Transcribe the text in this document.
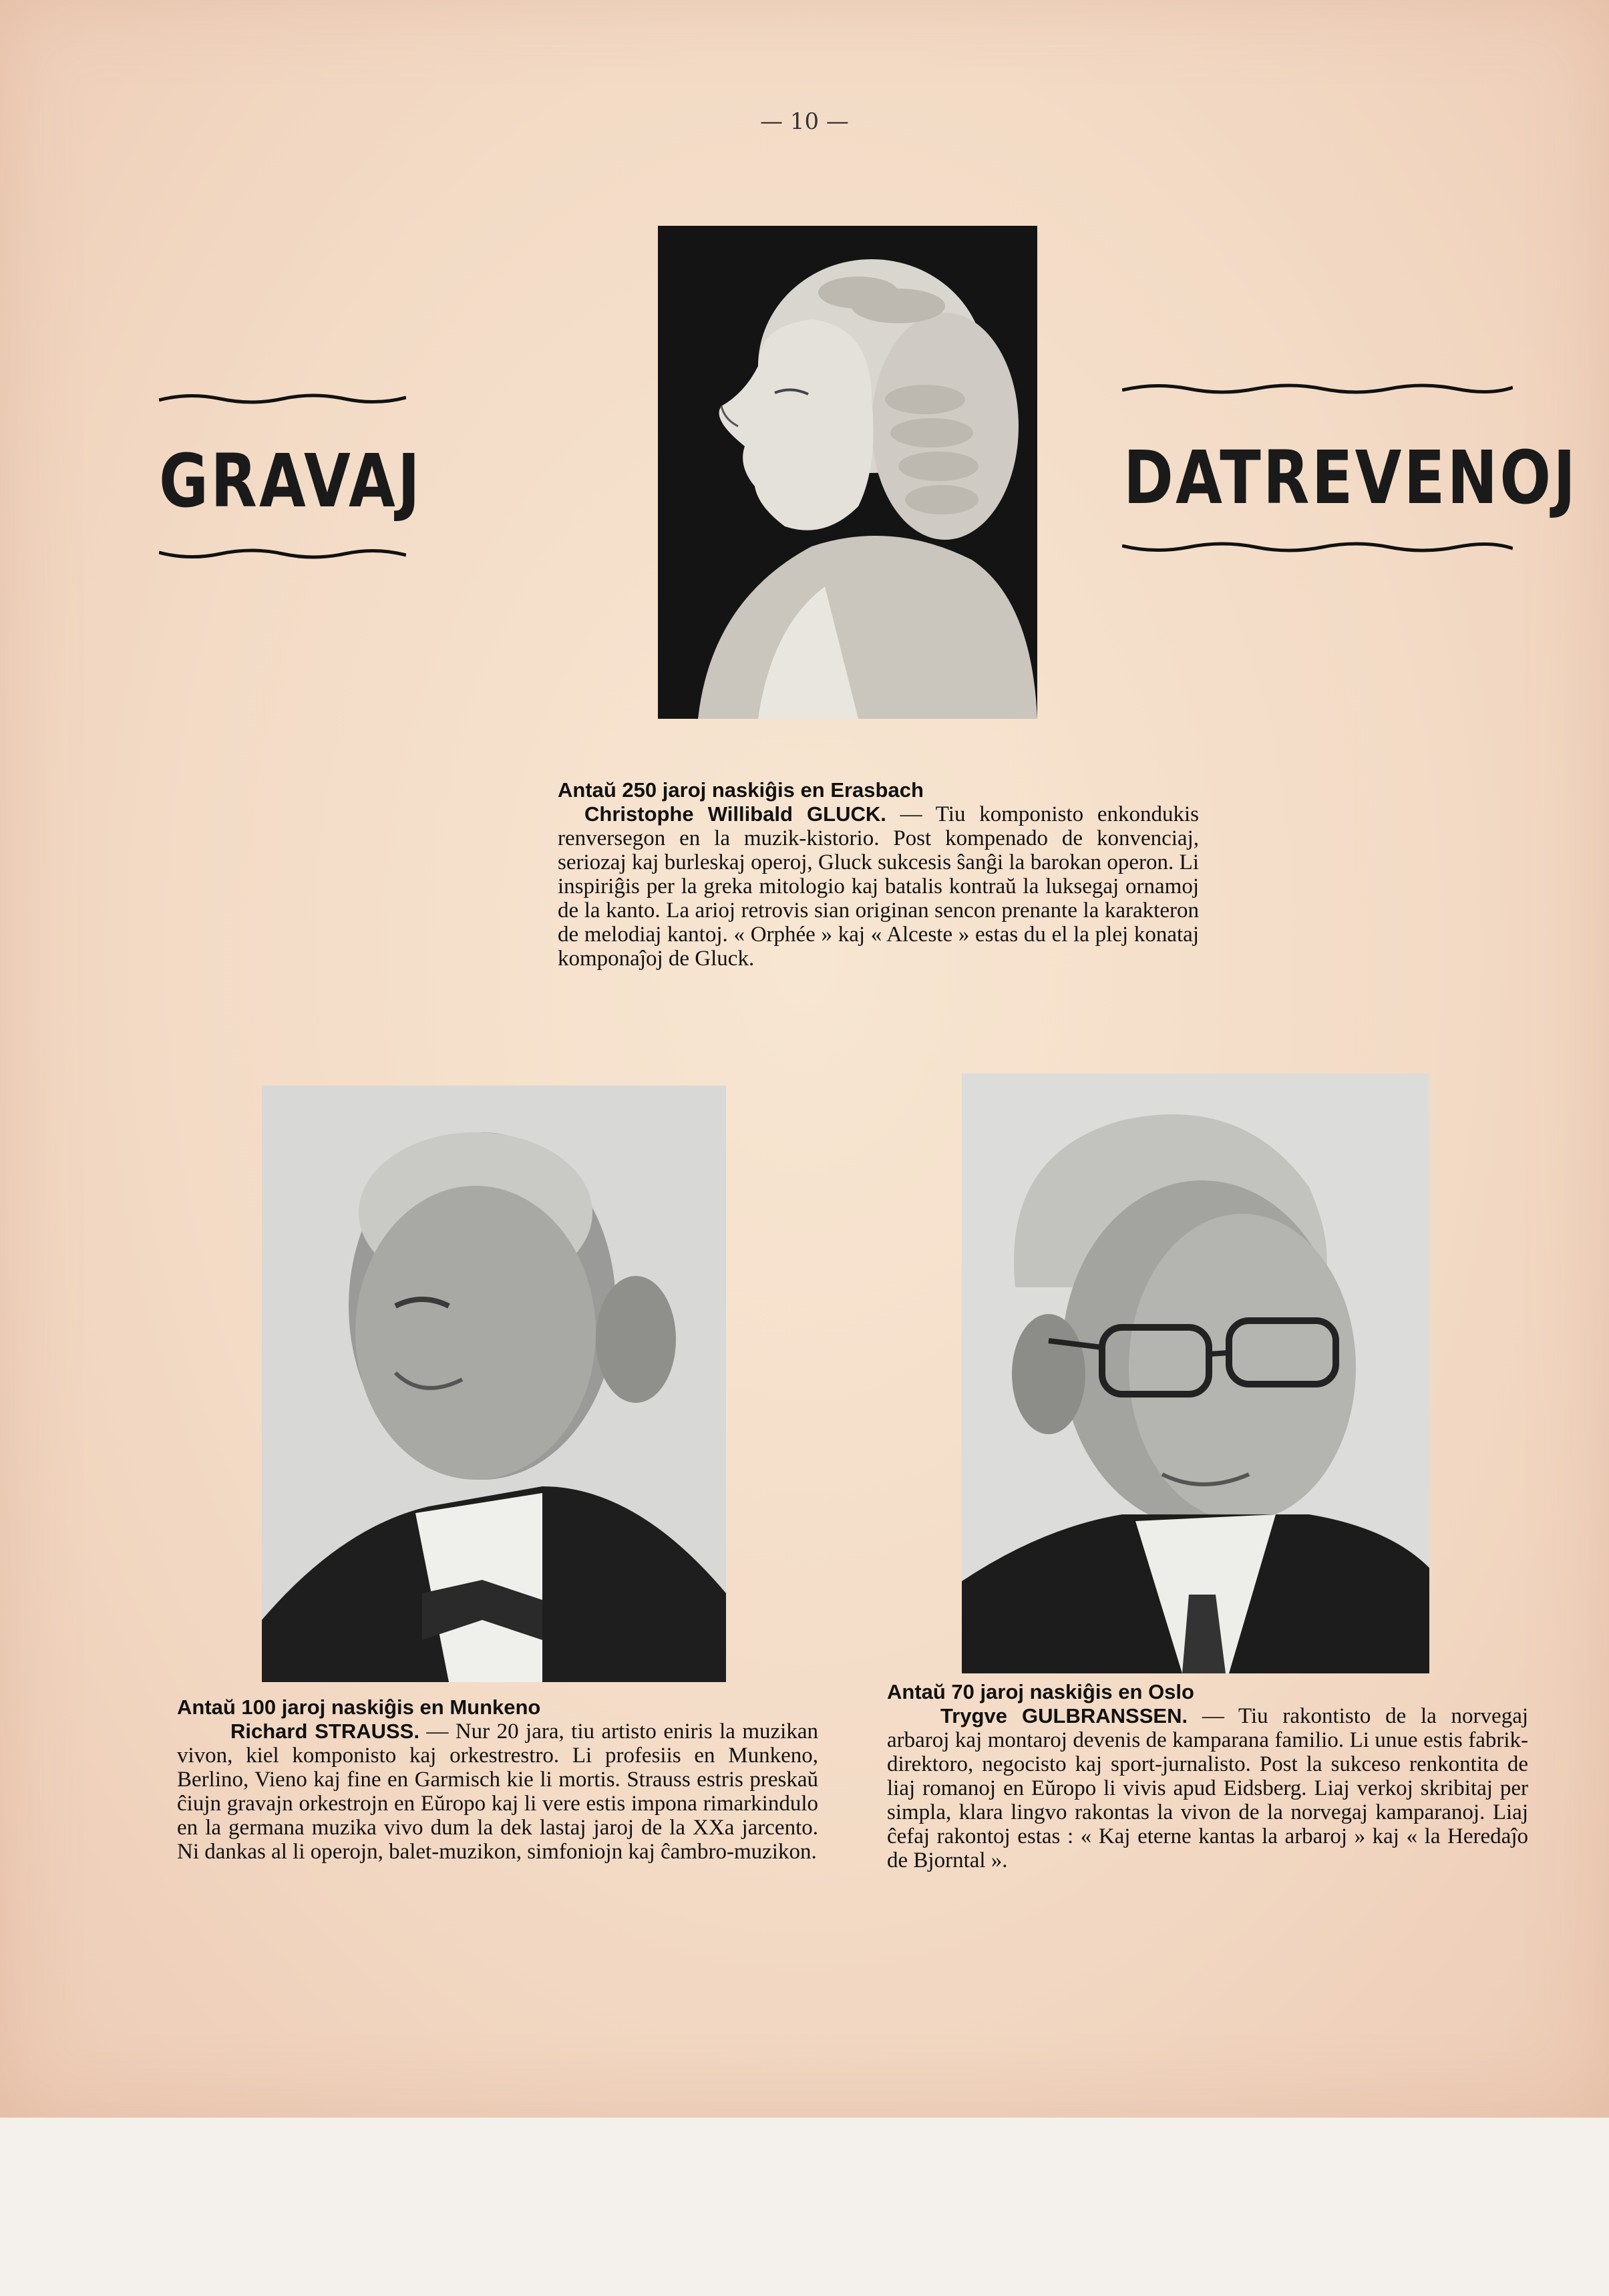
— 10 —
GRAVAJ	DATREVENOJ
Antaŭ 250 jaroj naskiĝis en Erasbach
Christophe Willibald GLUCK. — Tiu komponisto enkondukis renversegon en la muzik-kistorio. Post kompenado de konvenciaj, seriozaj kaj burleskaj operoj, Gluck sukcesis ŝanĝi la barokan operon. Li inspiriĝis per la greka mitologio kaj batalis kontraŭ la luksegaj ornamoj de la kanto. La arioj retrovis sian originan sencon prenante la karakteron de melodiaj kantoj. « Orphée » kaj « Alceste » estas du el la plej konataj komponaĵoj de Gluck.
Antaŭ 100 jaroj naskiĝis en Munkeno
Richard STRAUSS. — Nur 20 jara, tiu artisto eniris la muzikan vivon, kiel komponisto kaj orkestrestro. Li profesiis en Munkeno, Berlino, Vieno kaj fine en Garmisch kie li mortis. Strauss estris preskaŭ ĉiujn gravajn orkestrojn en Eŭropo kaj li vere estis impona rimarkindulo en la germana muzika vivo dum la dek lastaj jaroj de la XXa jarcento. Ni dankas al li operojn, balet-muzikon, simfoniojn kaj ĉambro-muzikon.
Antaŭ 70 jaroj naskiĝis en Oslo
Trygve GULBRANSSEN. — Tiu rakontisto de la norvegaj arbaroj kaj montaroj devenis de kamparana familio. Li unue estis fabrik-direktoro, negocisto kaj sport-jurnalisto. Post la sukceso renkontita de liaj romanoj en Eŭropo li vivis apud Eidsberg. Liaj verkoj skribitaj per simpla, klara lingvo rakontas la vivon de la norvegaj kamparanoj. Liaj ĉefaj rakontoj estas : « Kaj eterne kantas la arbaroj » kaj « la Heredaĵo de Bjorntal ».
